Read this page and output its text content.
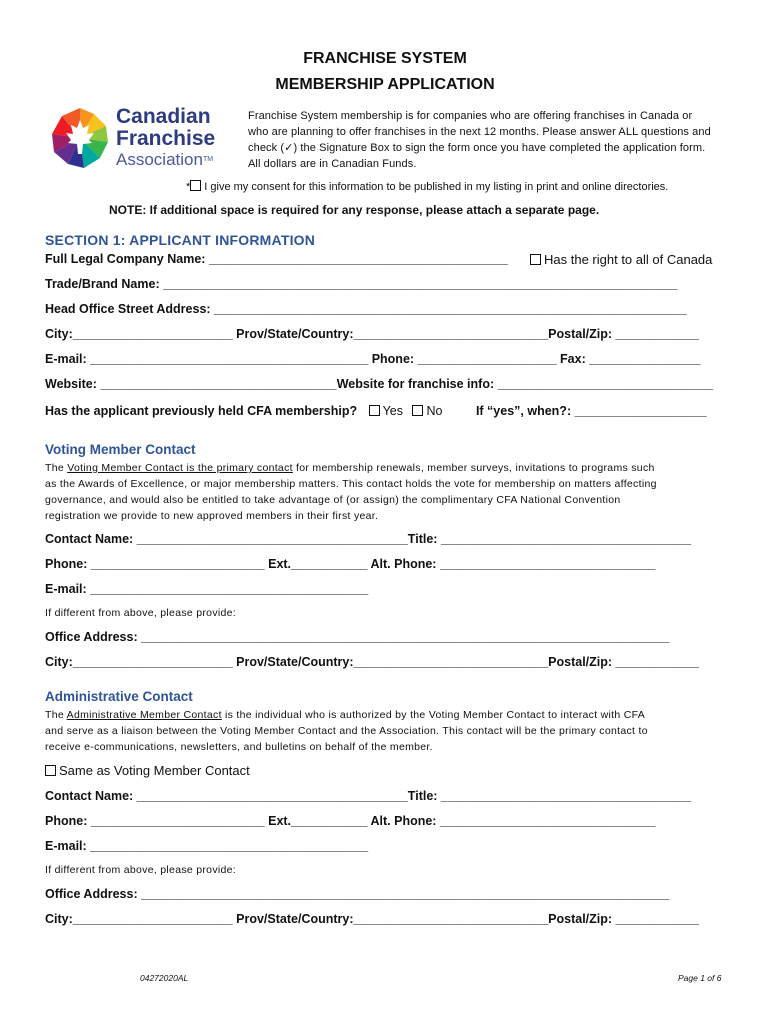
FRANCHISE SYSTEM
MEMBERSHIP APPLICATION
Canadian
Franchise
Association™
Franchise System membership is for companies who are offering franchises in Canada or
who are planning to offer franchises in the next 12 months. Please answer ALL questions and
check (✓) the Signature Box to sign the form once you have completed the application form.
All dollars are in Canadian Funds.
* I give my consent for this information to be published in my listing in print and online directories.
NOTE: If additional space is required for any response, please attach a separate page.
SECTION 1: APPLICANT INFORMATION
Full Legal Company Name: ___________________________________________	Has the right to all of Canada
Trade/Brand Name: __________________________________________________________________________
Head Office Street Address: ____________________________________________________________________
City:_______________________ Prov/State/Country:____________________________Postal/Zip: ____________
E-mail: ________________________________________ Phone: ____________________ Fax: ________________
Website: __________________________________Website for franchise info: _______________________________
Has the applicant previously held CFA membership? Yes No	If “yes”, when?: ___________________
Voting Member Contact
The Voting Member Contact is the primary contact for membership renewals, member surveys, invitations to programs such
as the Awards of Excellence, or major membership matters. This contact holds the vote for membership on matters affecting
governance, and would also be entitled to take advantage of (or assign) the complimentary CFA National Convention
registration we provide to new approved members in their first year.
Contact Name: _______________________________________Title: ____________________________________
Phone: _________________________ Ext.___________ Alt. Phone: _______________________________
E-mail: ________________________________________
If different from above, please provide:
Office Address: ____________________________________________________________________________
City:_______________________ Prov/State/Country:____________________________Postal/Zip: ____________
Administrative Contact
The Administrative Member Contact is the individual who is authorized by the Voting Member Contact to interact with CFA
and serve as a liaison between the Voting Member Contact and the Association. This contact will be the primary contact to
receive e-communications, newsletters, and bulletins on behalf of the member.
Same as Voting Member Contact
Contact Name: _______________________________________Title: ____________________________________
Phone: _________________________ Ext.___________ Alt. Phone: _______________________________
E-mail: ________________________________________
If different from above, please provide:
Office Address: ____________________________________________________________________________
City:_______________________ Prov/State/Country:____________________________Postal/Zip: ____________
04272020AL	Page 1 of 6
